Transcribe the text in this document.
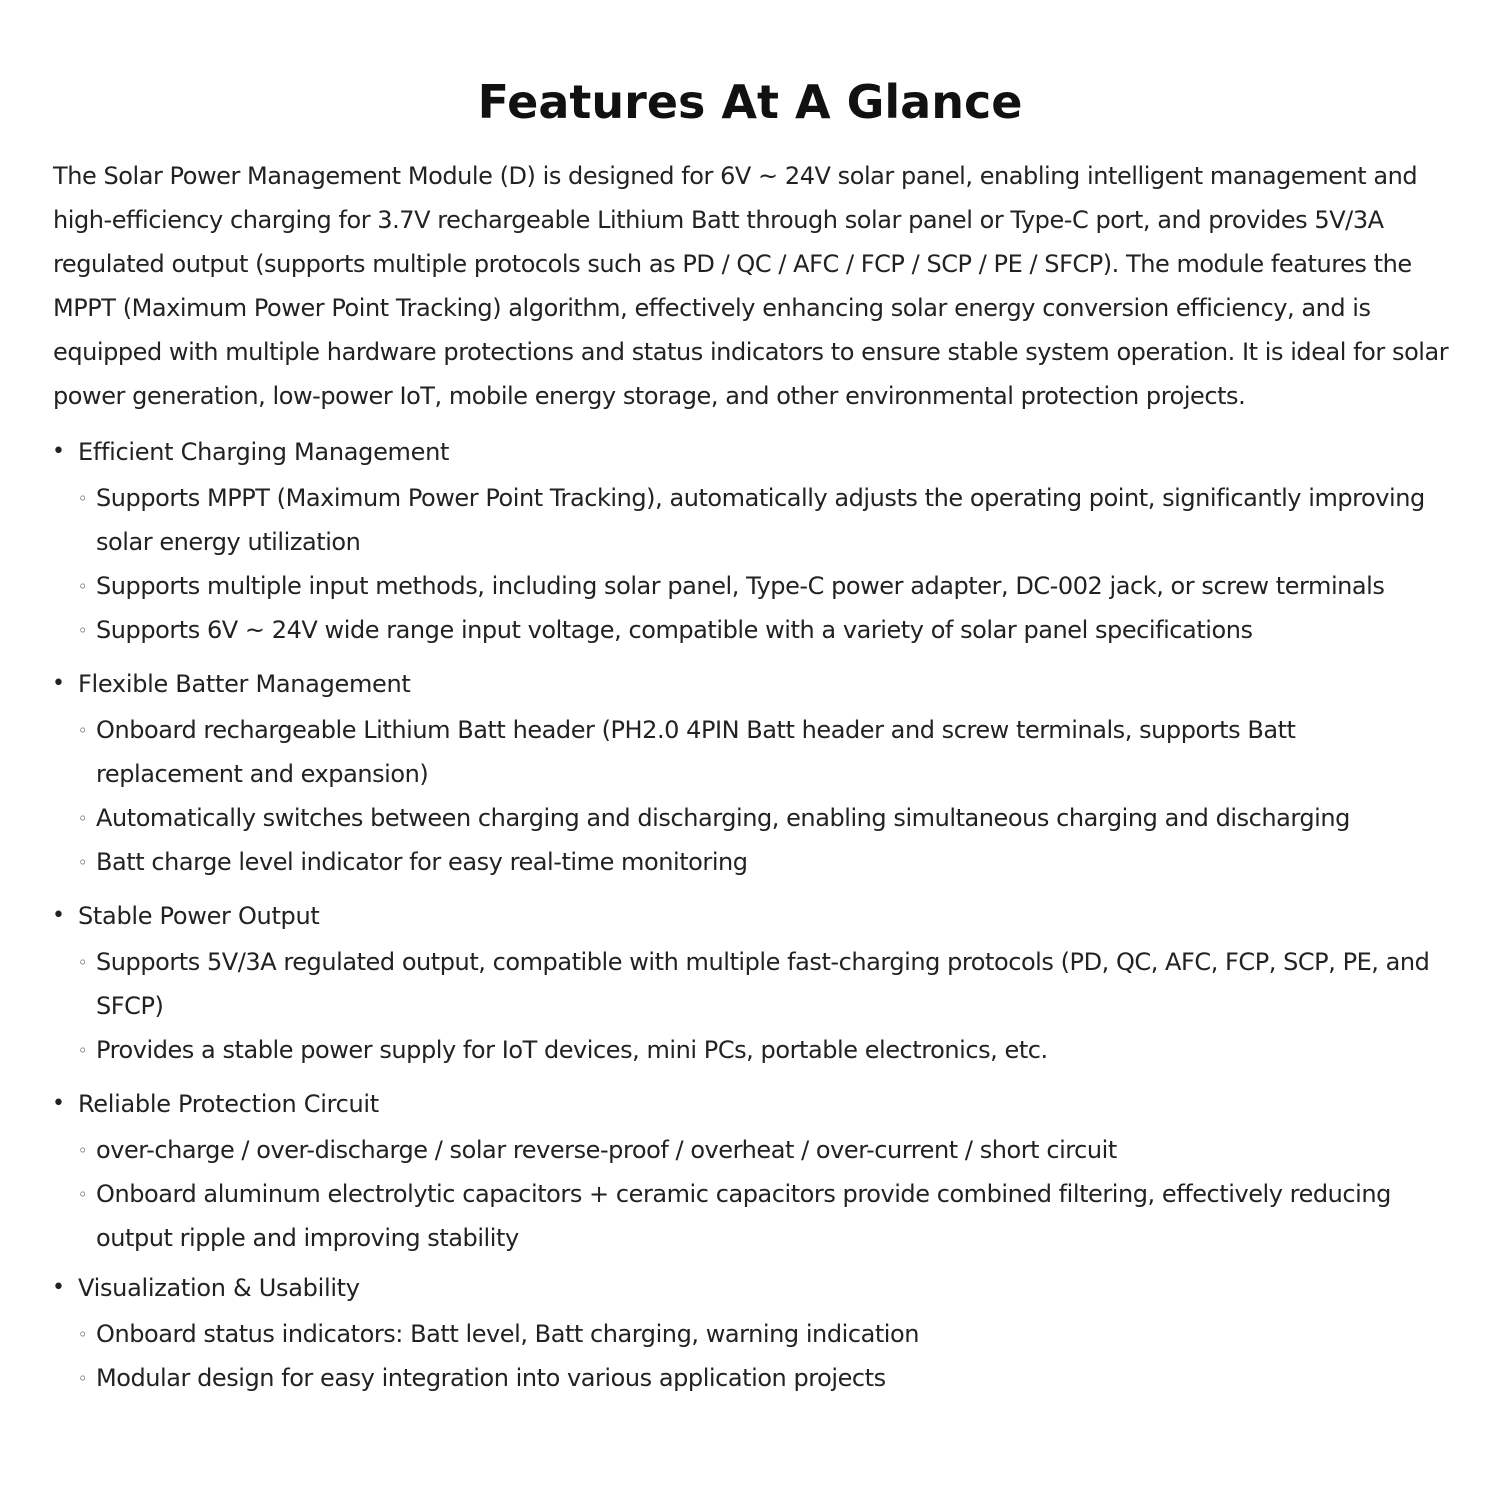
Features At A Glance

The Solar Power Management Module (D) is designed for 6V ~ 24V solar panel, enabling intelligent management and high-efficiency charging for 3.7V rechargeable Lithium Batt through solar panel or Type-C port, and provides 5V/3A regulated output (supports multiple protocols such as PD / QC / AFC / FCP / SCP / PE / SFCP). The module features the MPPT (Maximum Power Point Tracking) algorithm, effectively enhancing solar energy conversion efficiency, and is equipped with multiple hardware protections and status indicators to ensure stable system operation. It is ideal for solar power generation, low-power IoT, mobile energy storage, and other environmental protection projects.

• Efficient Charging Management
◦ Supports MPPT (Maximum Power Point Tracking), automatically adjusts the operating point, significantly improving solar energy utilization
◦ Supports multiple input methods, including solar panel, Type-C power adapter, DC-002 jack, or screw terminals
◦ Supports 6V ~ 24V wide range input voltage, compatible with a variety of solar panel specifications
• Flexible Batter Management
◦ Onboard rechargeable Lithium Batt header (PH2.0 4PIN Batt header and screw terminals, supports Batt replacement and expansion)
◦ Automatically switches between charging and discharging, enabling simultaneous charging and discharging
◦ Batt charge level indicator for easy real-time monitoring
• Stable Power Output
◦ Supports 5V/3A regulated output, compatible with multiple fast-charging protocols (PD, QC, AFC, FCP, SCP, PE, and SFCP)
◦ Provides a stable power supply for IoT devices, mini PCs, portable electronics, etc.
• Reliable Protection Circuit
◦ over-charge / over-discharge / solar reverse-proof / overheat / over-current / short circuit
◦ Onboard aluminum electrolytic capacitors + ceramic capacitors provide combined filtering, effectively reducing output ripple and improving stability
• Visualization & Usability
◦ Onboard status indicators: Batt level, Batt charging, warning indication
◦ Modular design for easy integration into various application projects
